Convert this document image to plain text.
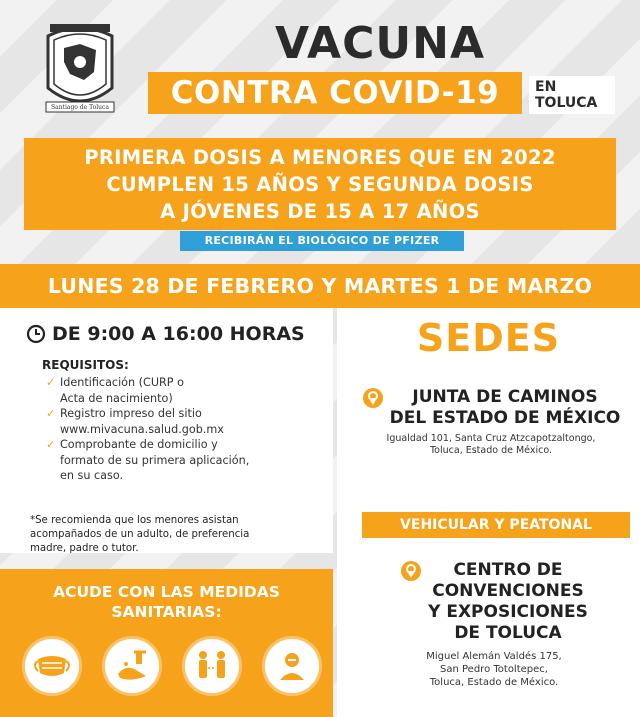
Santiago de Toluca
VACUNA
CONTRA COVID-19	EN
TOLUCA
PRIMERA DOSIS A MENORES QUE EN 2022
CUMPLEN 15 AÑOS Y SEGUNDA DOSIS
A JÓVENES DE 15 A 17 AÑOS
RECIBIRÁN EL BIOLÓGICO DE PFIZER
LUNES 28 DE FEBRERO Y MARTES 1 DE MARZO
DE 9:00 A 16:00 HORAS
REQUISITOS:
✓ Identificación (CURP o
Acta de nacimiento)
✓ Registro impreso del sitio
www.mivacuna.salud.gob.mx
✓ Comprobante de domicilio y
formato de su primera aplicación,
en su caso.
*Se recomienda que los menores asistan
acompañados de un adulto, de preferencia
madre, padre o tutor.
ACUDE CON LAS MEDIDAS
SANITARIAS:
SEDES
JUNTA DE CAMINOS
DEL ESTADO DE MÉXICO
Igualdad 101, Santa Cruz Atzcapotzaltongo,
Toluca, Estado de México.
VEHICULAR Y PEATONAL
CENTRO DE
CONVENCIONES
Y EXPOSICIONES
DE TOLUCA
Miguel Alemán Valdés 175,
San Pedro Totoltepec,
Toluca, Estado de México.
